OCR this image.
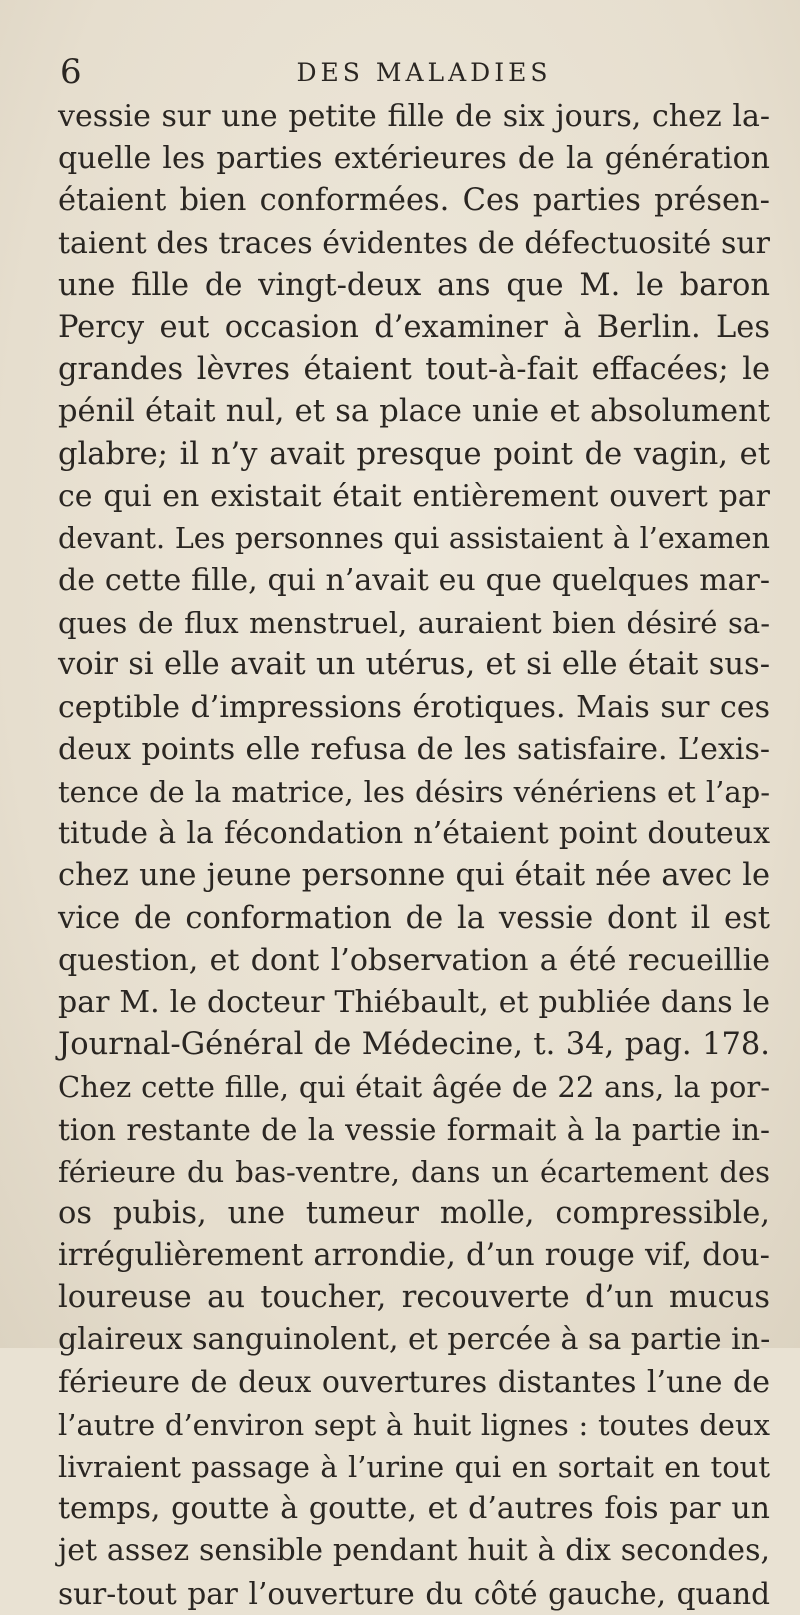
6	DES MALADIES
vessie sur une petite fille de six jours, chez la-
quelle les parties extérieures de la génération
étaient bien conformées. Ces parties présen-
taient des traces évidentes de défectuosité sur
une fille de vingt-deux ans que M. le baron
Percy eut occasion d’examiner à Berlin. Les
grandes lèvres étaient tout-à-fait effacées; le
pénil était nul, et sa place unie et absolument
glabre; il n’y avait presque point de vagin, et
ce qui en existait était entièrement ouvert par
devant. Les personnes qui assistaient à l’examen
de cette fille, qui n’avait eu que quelques mar-
ques de flux menstruel, auraient bien désiré sa-
voir si elle avait un utérus, et si elle était sus-
ceptible d’impressions érotiques. Mais sur ces
deux points elle refusa de les satisfaire. L’exis-
tence de la matrice, les désirs vénériens et l’ap-
titude à la fécondation n’étaient point douteux
chez une jeune personne qui était née avec le
vice de conformation de la vessie dont il est
question, et dont l’observation a été recueillie
par M. le docteur Thiébault, et publiée dans le
Journal-Général de Médecine, t. 34, pag. 178.
Chez cette fille, qui était âgée de 22 ans, la por-
tion restante de la vessie formait à la partie in-
férieure du bas-ventre, dans un écartement des
os pubis, une tumeur molle, compressible,
irrégulièrement arrondie, d’un rouge vif, dou-
loureuse au toucher, recouverte d’un mucus
glaireux sanguinolent, et percée à sa partie in-
férieure de deux ouvertures distantes l’une de
l’autre d’environ sept à huit lignes : toutes deux
livraient passage à l’urine qui en sortait en tout
temps, goutte à goutte, et d’autres fois par un
jet assez sensible pendant huit à dix secondes,
sur-tout par l’ouverture du côté gauche, quand
